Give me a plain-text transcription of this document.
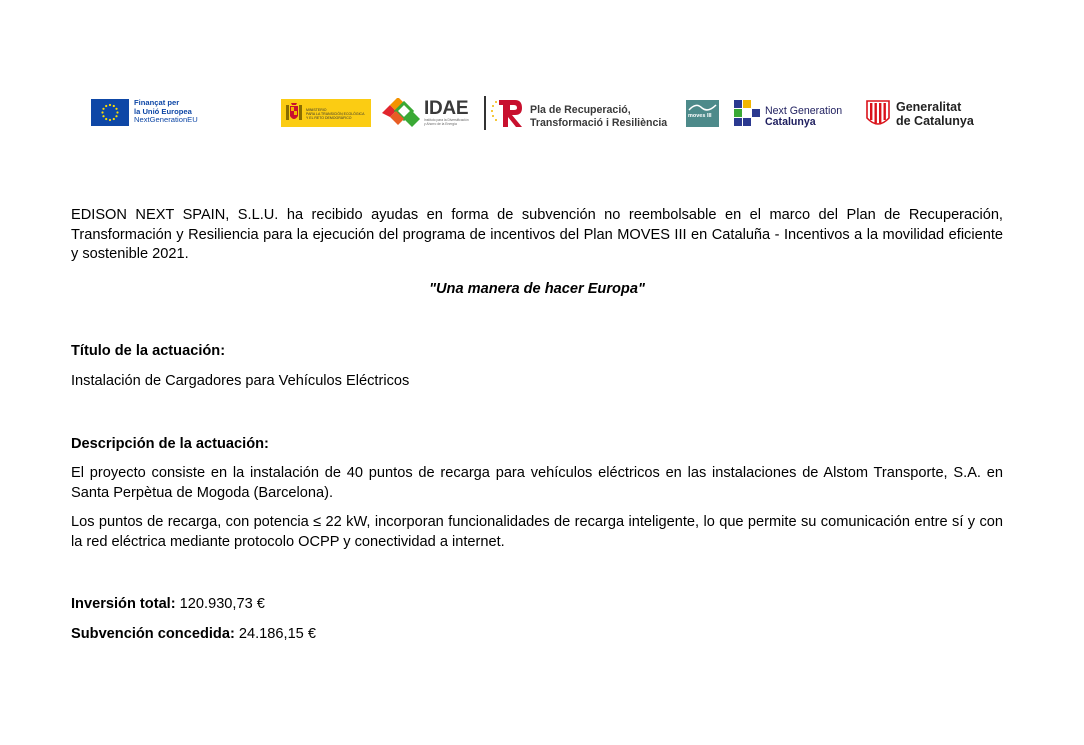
Finançat per
la Unió Europea
NextGenerationEU
MINISTERIO
PARA LA TRANSICIÓN ECOLÓGICA
Y EL RETO DEMOGRÁFICO	IDAE
Instituto para la Diversificación
y Ahorro de la Energía
Pla de Recuperació,
Transformació i Resiliència
moves III	Next Generation
Catalunya
Generalitat
de Catalunya

EDISON NEXT SPAIN, S.L.U. ha recibido ayudas en forma de subvención no reembolsable en el marco del Plan de Recuperación, Transformación y Resiliencia para la ejecución del programa de incentivos del Plan MOVES III en Cataluña - Incentivos a la movilidad eficiente y sostenible 2021.

"Una manera de hacer Europa"

Título de la actuación:

Instalación de Cargadores para Vehículos Eléctricos

Descripción de la actuación:

El proyecto consiste en la instalación de 40 puntos de recarga para vehículos eléctricos en las instalaciones de Alstom Transporte, S.A. en Santa Perpètua de Mogoda (Barcelona).

Los puntos de recarga, con potencia ≤ 22 kW, incorporan funcionalidades de recarga inteligente, lo que permite su comunicación entre sí y con la red eléctrica mediante protocolo OCPP y conectividad a internet.

Inversión total: 120.930,73 €

Subvención concedida: 24.186,15 €
